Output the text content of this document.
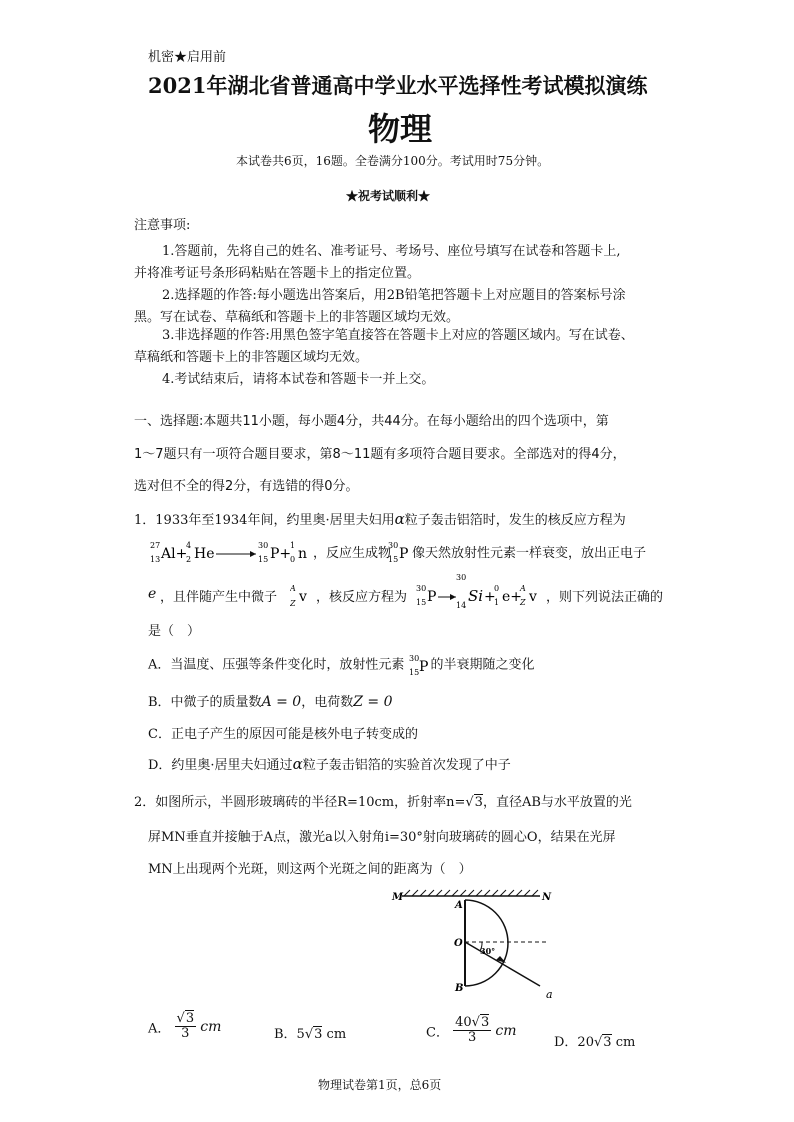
机密★启用前
2021年湖北省普通高中学业水平选择性考试模拟演练
物理
本试卷共6页，16题。全卷满分100分。考试用时75分钟。
★祝考试顺利★
注意事项:
1.答题前，先将自己的姓名、准考证号、考场号、座位号填写在试卷和答题卡上,
并将准考证号条形码粘贴在答题卡上的指定位置。
2.选择题的作答:每小题选出答案后，用2B铅笔把答题卡上对应题目的答案标号涂
黑。写在试卷、草稿纸和答题卡上的非答题区域均无效。
3.非选择题的作答:用黑色签字笔直接答在答题卡上对应的答题区域内。写在试卷、
草稿纸和答题卡上的非答题区域均无效。
4.考试结束后，请将本试卷和答题卡一并上交。
一、选择题:本题共11小题，每小题4分，共44分。在每小题给出的四个选项中，第
1～7题只有一项符合题目要求，第8～11题有多项符合题目要求。全部选对的得4分，
选对但不全的得2分，有选错的得0分。
1．1933年至1934年间，约里奥·居里夫妇用α粒子轰击铝箔时，发生的核反应方程为
27
13 Al+
4
2 He
30
15 P+
1
0 n ，反应生成物
30
15 P 像天然放射性元素一样衰变，放出正电子
e ，且伴随产生中微子
A
Z v ，核反应方程为
30
15 P
30
14
Si +
0
1 e+
A
Z v ，则下列说法正确的
是（　）
A．当温度、压强等条件变化时，放射性元素 30
15 P 的半衰期随之变化
B．中微子的质量数A = 0，电荷数Z = 0
C．正电子产生的原因可能是核外电子转变成的
D．约里奥·居里夫妇通过α粒子轰击铝箔的实验首次发现了中子
2．如图所示，半圆形玻璃砖的半径R=10cm，折射率n=√3，直径AB与水平放置的光
屏MN垂直并接触于A点，激光a以入射角i=30°射向玻璃砖的圆心O，结果在光屏
MN上出现两个光斑，则这两个光斑之间的距离为（　）
M	N
30°
A
O
B	a
A． $\frac{√3}{3}$ cm	B．5√3 cm	C． $\frac{40√3}{3}$ cm
D．20√3 cm
物理试卷第1页，总6页
